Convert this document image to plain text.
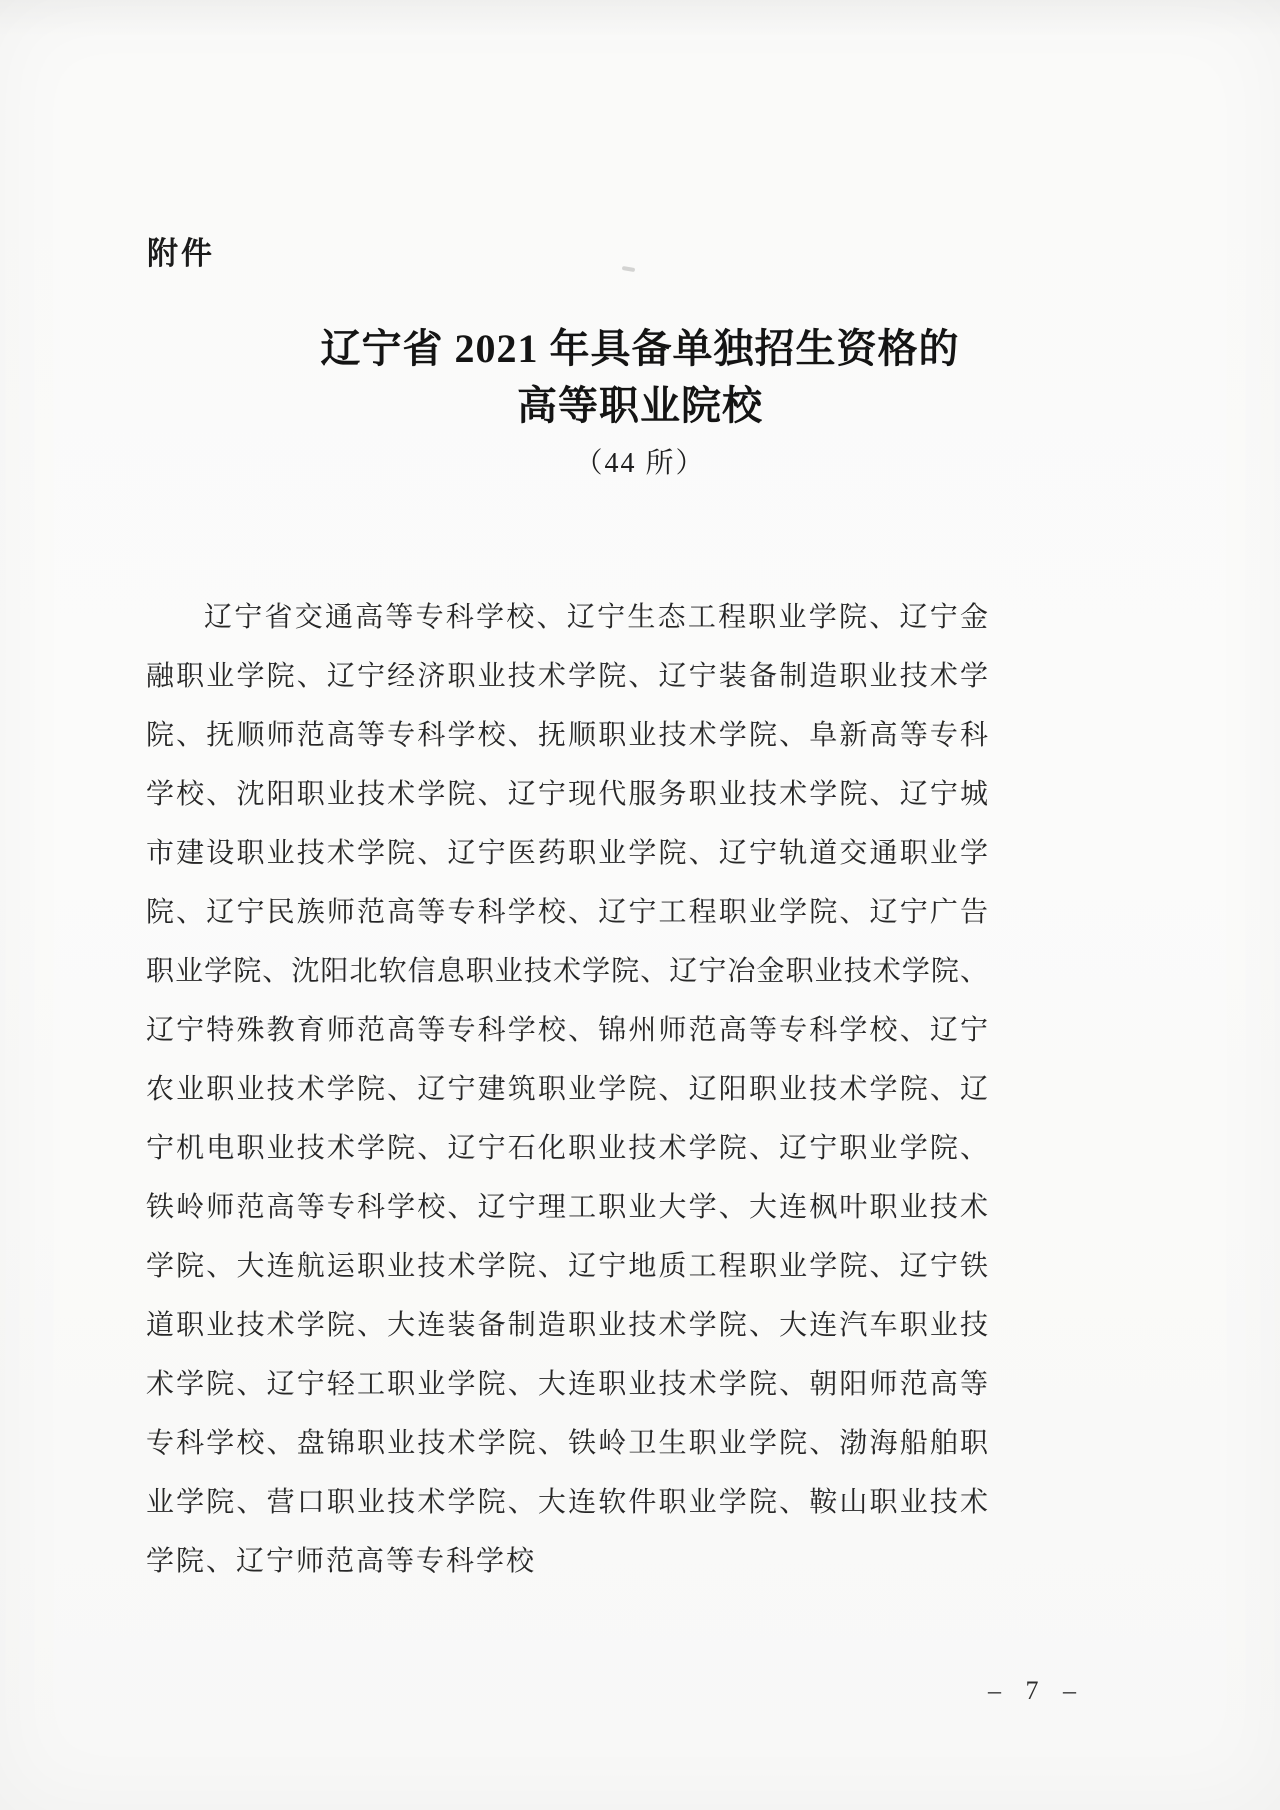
附件
辽宁省 2021 年具备单独招生资格的
高等职业院校
（44 所）
辽宁省交通高等专科学校、辽宁生态工程职业学院、辽宁金
融职业学院、辽宁经济职业技术学院、辽宁装备制造职业技术学
院、抚顺师范高等专科学校、抚顺职业技术学院、阜新高等专科
学校、沈阳职业技术学院、辽宁现代服务职业技术学院、辽宁城
市建设职业技术学院、辽宁医药职业学院、辽宁轨道交通职业学
院、辽宁民族师范高等专科学校、辽宁工程职业学院、辽宁广告
职业学院、沈阳北软信息职业技术学院、辽宁冶金职业技术学院、
辽宁特殊教育师范高等专科学校、锦州师范高等专科学校、辽宁
农业职业技术学院、辽宁建筑职业学院、辽阳职业技术学院、辽
宁机电职业技术学院、辽宁石化职业技术学院、辽宁职业学院、
铁岭师范高等专科学校、辽宁理工职业大学、大连枫叶职业技术
学院、大连航运职业技术学院、辽宁地质工程职业学院、辽宁铁
道职业技术学院、大连装备制造职业技术学院、大连汽车职业技
术学院、辽宁轻工职业学院、大连职业技术学院、朝阳师范高等
专科学校、盘锦职业技术学院、铁岭卫生职业学院、渤海船舶职
业学院、营口职业技术学院、大连软件职业学院、鞍山职业技术
学院、辽宁师范高等专科学校
– 7 –
